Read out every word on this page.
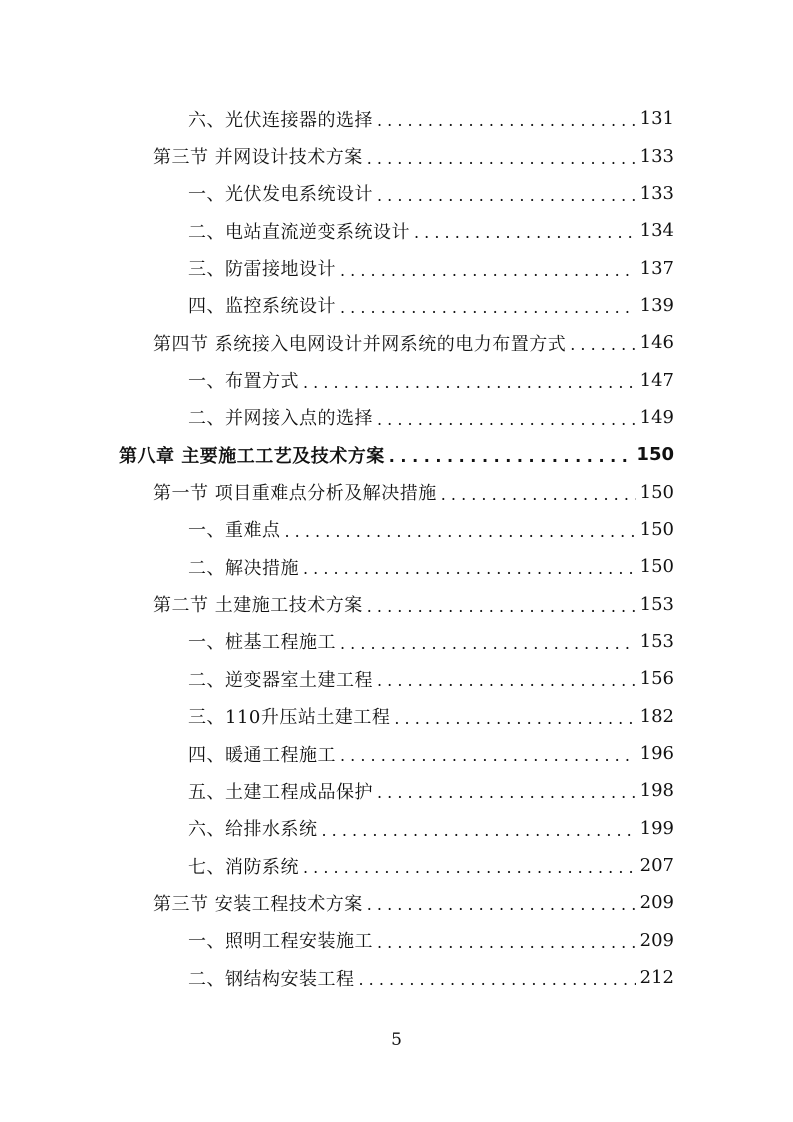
六、光伏连接器的选择 . . .	131
第三节 并网设计技术方案 . . .	133
一、光伏发电系统设计 . . .	133
二、电站直流逆变系统设计 . . .	134
三、防雷接地设计 . . .	137
四、监控系统设计 . . .	139
第四节 系统接入电网设计并网系统的电力布置方式 . . .	146
一、布置方式 . . .	147
二、并网接入点的选择 . . .	149
第八章 主要施工工艺及技术方案 . . .	150
第一节 项目重难点分析及解决措施 . . .	150
一、重难点 . . .	150
二、解决措施 . . .	150
第二节 土建施工技术方案 . . .	153
一、桩基工程施工 . . .	153
二、逆变器室土建工程 . . .	156
三、110升压站土建工程 . . .	182
四、暖通工程施工 . . .	196
五、土建工程成品保护 . . .	198
六、给排水系统 . . .	199
七、消防系统 . . .	207
第三节 安装工程技术方案 . . .	209
一、照明工程安装施工 . . .	209
二、钢结构安装工程 . . .	212
5
